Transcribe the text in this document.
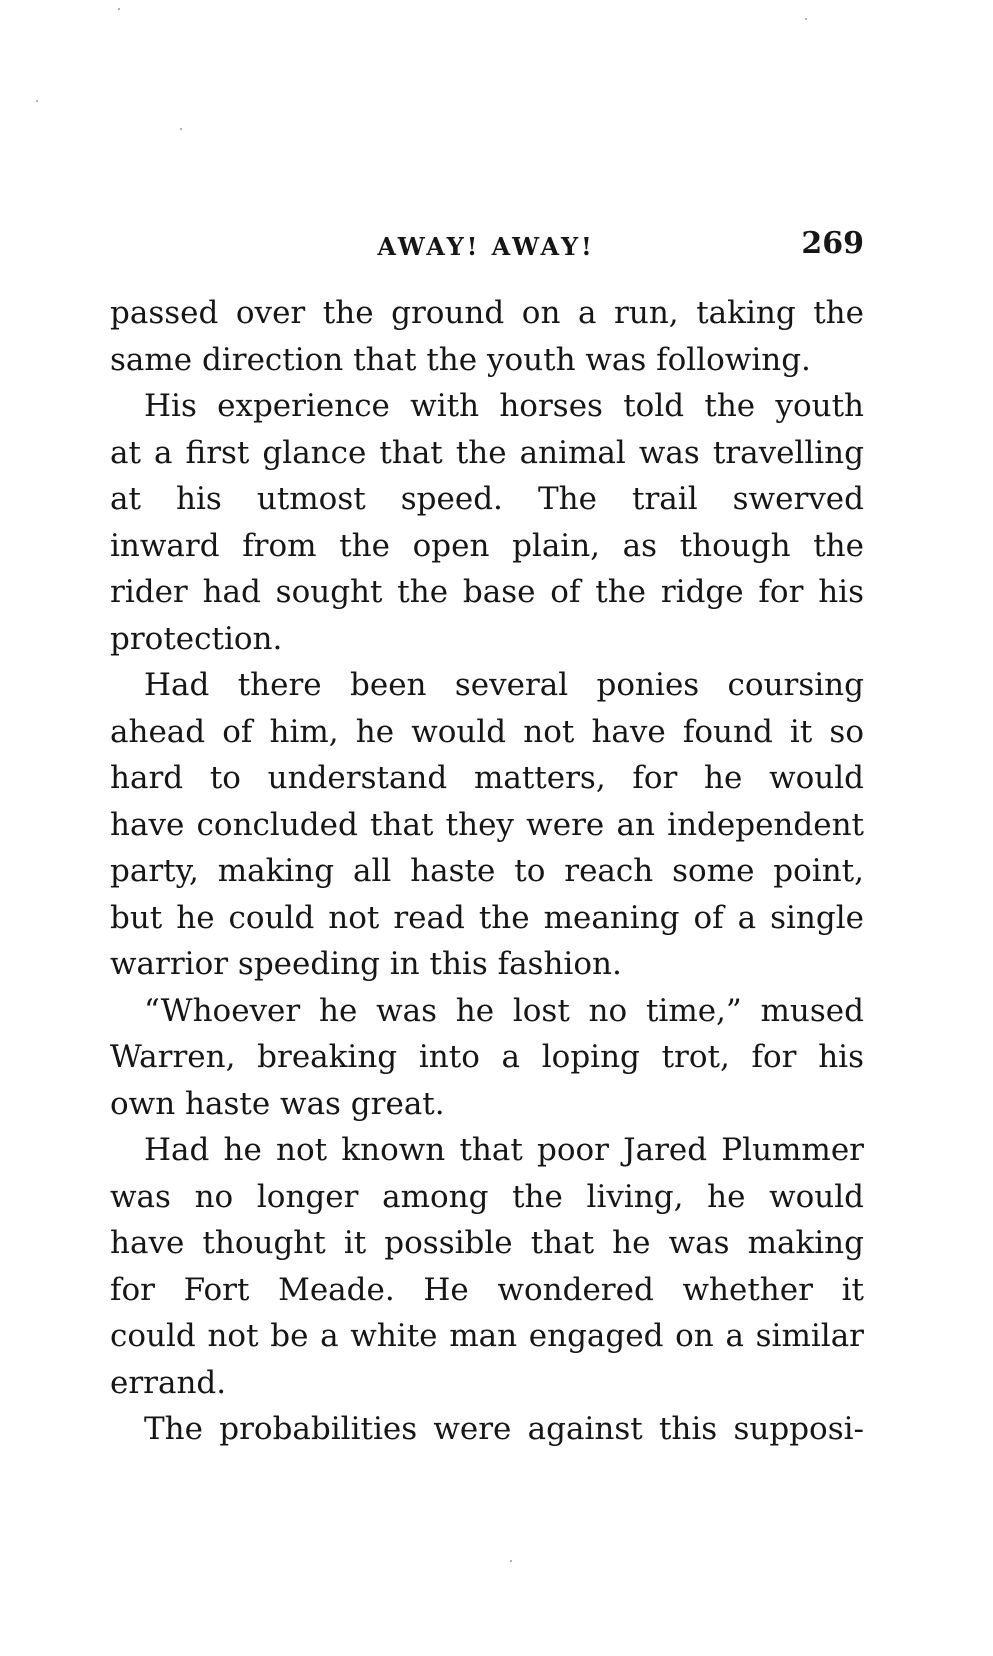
AWAY! AWAY!	269
passed over the ground on a run, taking the
same direction that the youth was following.
His experience with horses told the youth
at a first glance that the animal was travelling
at his utmost speed. The trail swerved
inward from the open plain, as though the
rider had sought the base of the ridge for his
protection.
Had there been several ponies coursing
ahead of him, he would not have found it so
hard to understand matters, for he would
have concluded that they were an independent
party, making all haste to reach some point,
but he could not read the meaning of a single
warrior speeding in this fashion.
“Whoever he was he lost no time,” mused
Warren, breaking into a loping trot, for his
own haste was great.
Had he not known that poor Jared Plummer
was no longer among the living, he would
have thought it possible that he was making
for Fort Meade. He wondered whether it
could not be a white man engaged on a similar
errand.
The probabilities were against this supposi-
